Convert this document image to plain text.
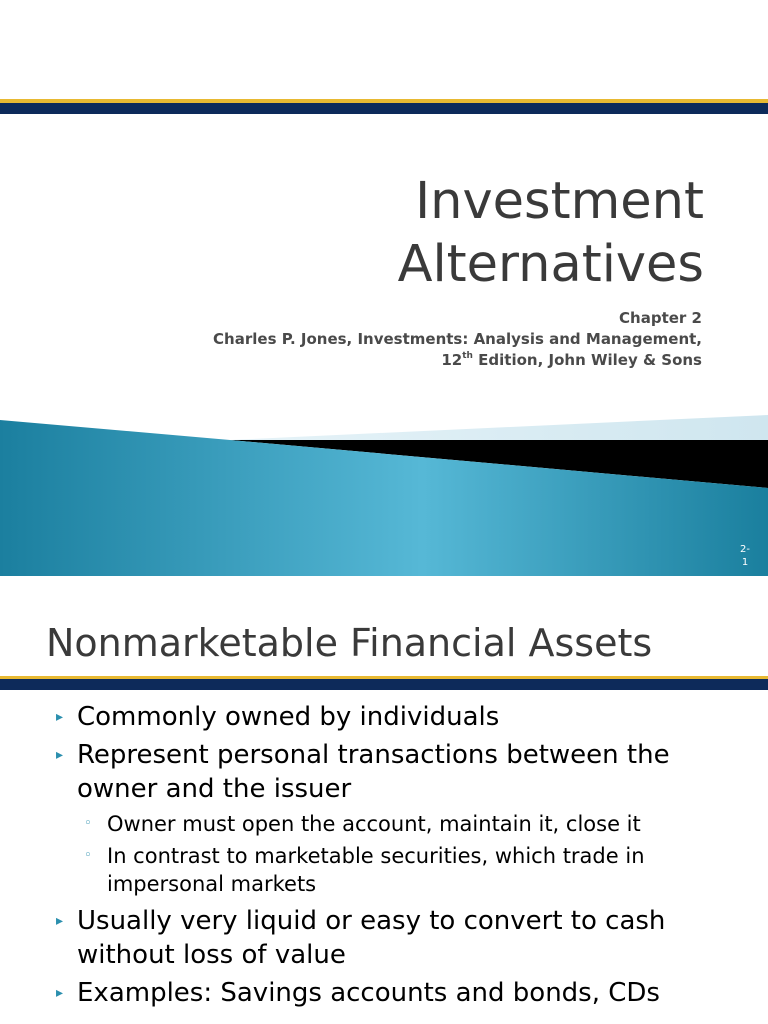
Investment
Alternatives
Chapter 2
Charles P. Jones, Investments: Analysis and Management,
12th Edition, John Wiley & Sons
2-
1
Nonmarketable Financial Assets
▸ Commonly owned by individuals
▸ Represent personal transactions between the owner and the issuer
◦ Owner must open the account, maintain it, close it
◦ In contrast to marketable securities, which trade in impersonal markets
▸ Usually very liquid or easy to convert to cash without loss of value
▸ Examples: Savings accounts and bonds, CDs
